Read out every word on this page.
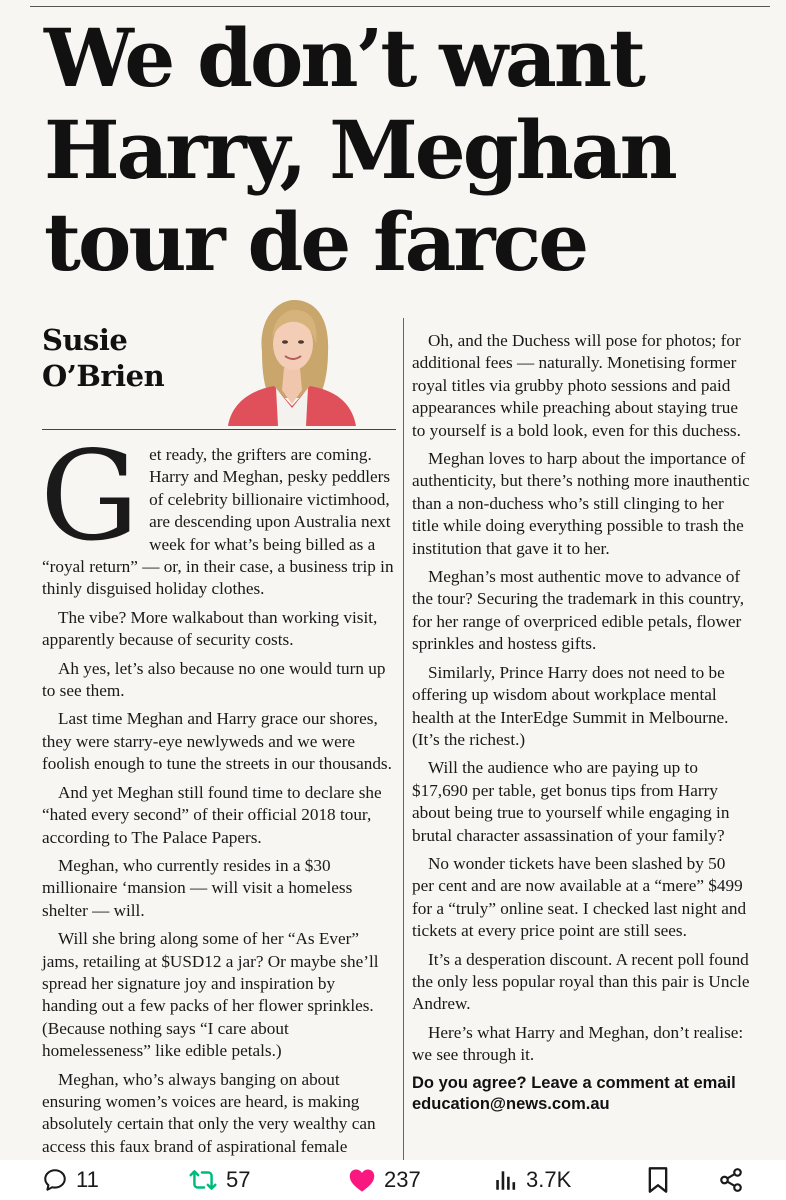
We don’t want
Harry, Meghan
tour de farce
Susie
O’Brien

Get ready, the grifters are coming. Harry and Meghan, pesky peddlers of celebrity billionaire victimhood, are descending upon Australia next week for what’s being billed as a “royal return” — or, in their case, a business trip in thinly disguised holiday clothes.

The vibe? More walkabout than working visit, apparently because of security costs.

Ah yes, let’s also because no one would turn up to see them.

Last time Meghan and Harry grace our shores, they were starry-eye newlyweds and we were foolish enough to tune the streets in our thousands.

And yet Meghan still found time to declare she “hated every second” of their official 2018 tour, according to The Palace Papers.

Meghan, who currently resides in a $30 millionaire ‘mansion — will visit a homeless shelter — will.

Will she bring along some of her “As Ever” jams, retailing at $USD12 a jar? Or maybe she’ll spread her signature joy and inspiration by handing out a few packs of her flower sprinkles. (Because nothing says “I care about homelesseness” like edible petals.)

Meghan, who’s always banging on about ensuring women’s voices are heard, is making absolutely certain that only the very wealthy can access this faux brand of aspirational female

Oh, and the Duchess will pose for photos; for additional fees — naturally. Monetising former royal titles via grubby photo sessions and paid appearances while preaching about staying true to yourself is a bold look, even for this duchess.

Meghan loves to harp about the importance of authenticity, but there’s nothing more inauthentic than a non-duchess who’s still clinging to her title while doing everything possible to trash the institution that gave it to her.

Meghan’s most authentic move to advance of the tour? Securing the trademark in this country, for her range of overpriced edible petals, flower sprinkles and hostess gifts.

Similarly, Prince Harry does not need to be offering up wisdom about workplace mental health at the InterEdge Summit in Melbourne. (It’s the richest.)

Will the audience who are paying up to $17,690 per table, get bonus tips from Harry about being true to yourself while engaging in brutal character assassination of your family?

No wonder tickets have been slashed by 50 per cent and are now available at a “mere” $499 for a “truly” online seat. I checked last night and tickets at every price point are still sees.

It’s a desperation discount. A recent poll found the only less popular royal than this pair is Uncle Andrew.

Here’s what Harry and Meghan, don’t realise: we see through it.

Do you agree? Leave a comment at email education@news.com.au

11	57	237	3.7K
